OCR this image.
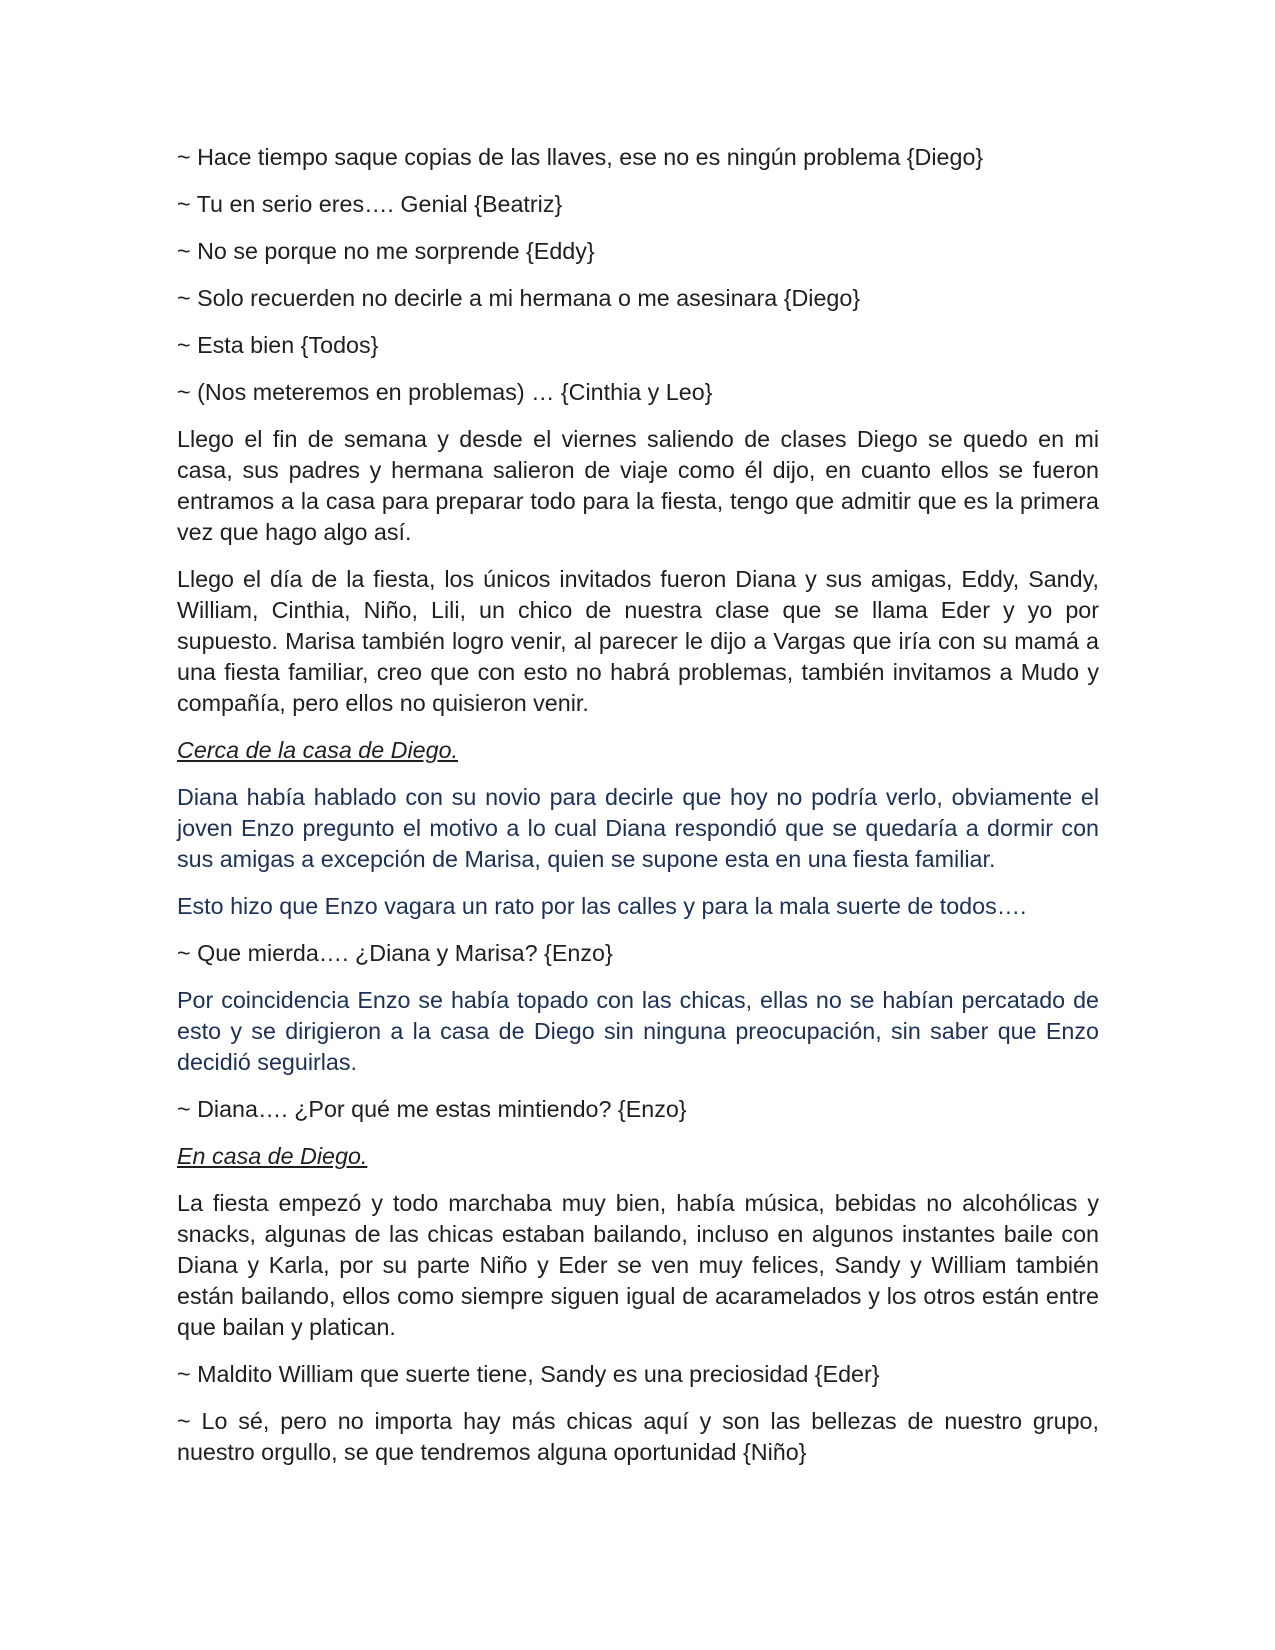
~ Hace tiempo saque copias de las llaves, ese no es ningún problema {Diego}

~ Tu en serio eres…. Genial {Beatriz}

~ No se porque no me sorprende {Eddy}

~ Solo recuerden no decirle a mi hermana o me asesinara {Diego}

~ Esta bien {Todos}

~ (Nos meteremos en problemas) … {Cinthia y Leo}

Llego el fin de semana y desde el viernes saliendo de clases Diego se quedo en mi casa, sus padres y hermana salieron de viaje como él dijo, en cuanto ellos se fueron entramos a la casa para preparar todo para la fiesta, tengo que admitir que es la primera vez que hago algo así.

Llego el día de la fiesta, los únicos invitados fueron Diana y sus amigas, Eddy, Sandy, William, Cinthia, Niño, Lili, un chico de nuestra clase que se llama Eder y yo por supuesto. Marisa también logro venir, al parecer le dijo a Vargas que iría con su mamá a una fiesta familiar, creo que con esto no habrá problemas, también invitamos a Mudo y compañía, pero ellos no quisieron venir.

Cerca de la casa de Diego.

Diana había hablado con su novio para decirle que hoy no podría verlo, obviamente el joven Enzo pregunto el motivo a lo cual Diana respondió que se quedaría a dormir con sus amigas a excepción de Marisa, quien se supone esta en una fiesta familiar.

Esto hizo que Enzo vagara un rato por las calles y para la mala suerte de todos….

~ Que mierda…. ¿Diana y Marisa? {Enzo}

Por coincidencia Enzo se había topado con las chicas, ellas no se habían percatado de esto y se dirigieron a la casa de Diego sin ninguna preocupación, sin saber que Enzo decidió seguirlas.

~ Diana…. ¿Por qué me estas mintiendo? {Enzo}

En casa de Diego.

La fiesta empezó y todo marchaba muy bien, había música, bebidas no alcohólicas y snacks, algunas de las chicas estaban bailando, incluso en algunos instantes baile con Diana y Karla, por su parte Niño y Eder se ven muy felices, Sandy y William también están bailando, ellos como siempre siguen igual de acaramelados y los otros están entre que bailan y platican.

~ Maldito William que suerte tiene, Sandy es una preciosidad {Eder}

~ Lo sé, pero no importa hay más chicas aquí y son las bellezas de nuestro grupo, nuestro orgullo, se que tendremos alguna oportunidad {Niño}
